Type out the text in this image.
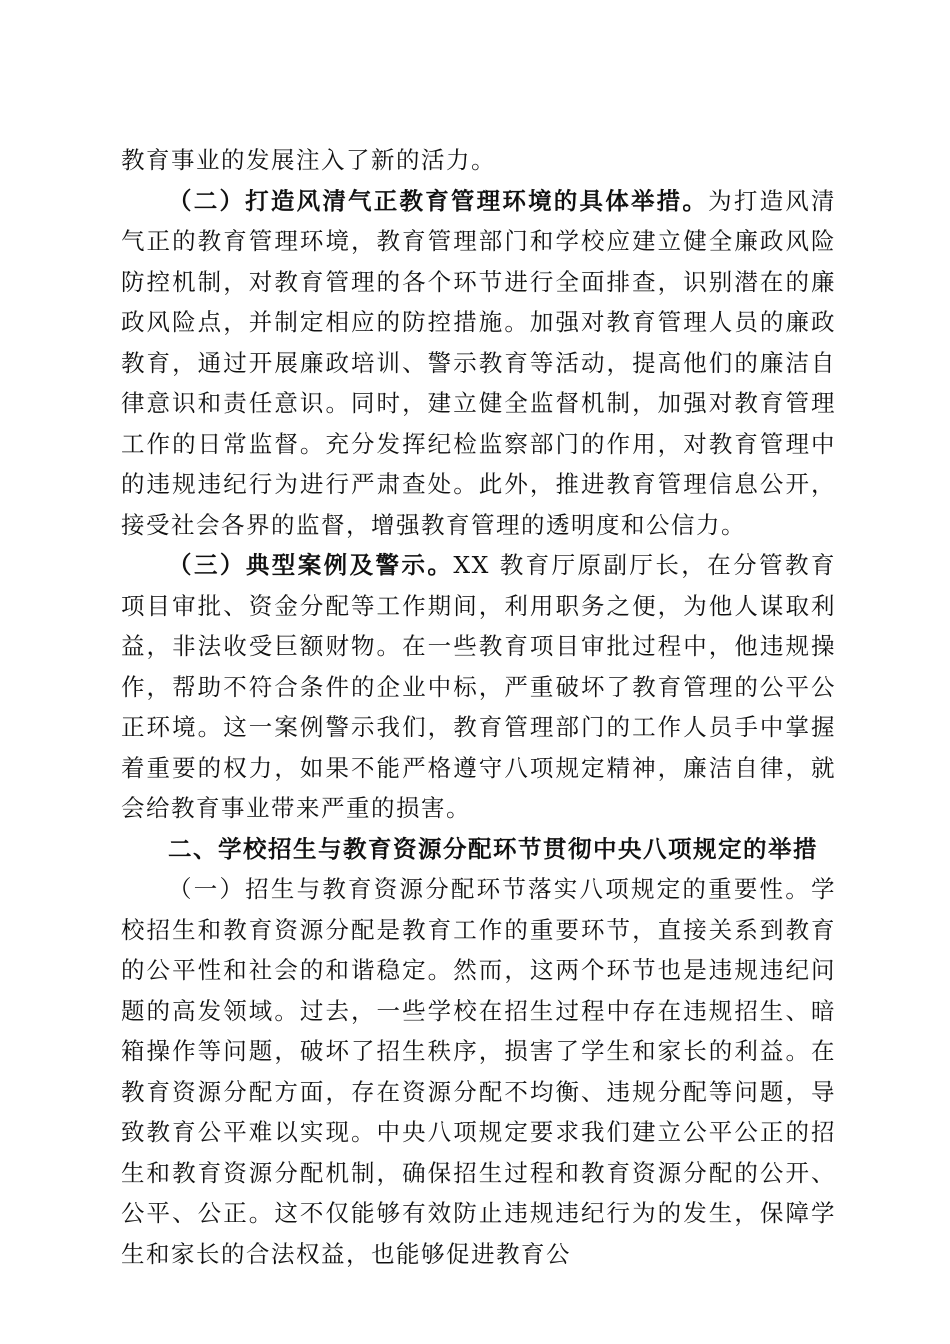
教育事业的发展注入了新的活力。

（二）打造风清气正教育管理环境的具体举措。为打造风清气正的教育管理环境，教育管理部门和学校应建立健全廉政风险防控机制，对教育管理的各个环节进行全面排查，识别潜在的廉政风险点，并制定相应的防控措施。加强对教育管理人员的廉政教育，通过开展廉政培训、警示教育等活动，提高他们的廉洁自律意识和责任意识。同时，建立健全监督机制，加强对教育管理工作的日常监督。充分发挥纪检监察部门的作用，对教育管理中的违规违纪行为进行严肃查处。此外，推进教育管理信息公开，接受社会各界的监督，增强教育管理的透明度和公信力。

（三）典型案例及警示。XX 教育厅原副厅长，在分管教育项目审批、资金分配等工作期间，利用职务之便，为他人谋取利益，非法收受巨额财物。在一些教育项目审批过程中，他违规操作，帮助不符合条件的企业中标，严重破坏了教育管理的公平公正环境。这一案例警示我们，教育管理部门的工作人员手中掌握着重要的权力，如果不能严格遵守八项规定精神，廉洁自律，就会给教育事业带来严重的损害。

二、学校招生与教育资源分配环节贯彻中央八项规定的举措

（一）招生与教育资源分配环节落实八项规定的重要性。学校招生和教育资源分配是教育工作的重要环节，直接关系到教育的公平性和社会的和谐稳定。然而，这两个环节也是违规违纪问题的高发领域。过去，一些学校在招生过程中存在违规招生、暗箱操作等问题，破坏了招生秩序，损害了学生和家长的利益。在教育资源分配方面，存在资源分配不均衡、违规分配等问题，导致教育公平难以实现。中央八项规定要求我们建立公平公正的招生和教育资源分配机制，确保招生过程和教育资源分配的公开、公平、公正。这不仅能够有效防止违规违纪行为的发生，保障学生和家长的合法权益，也能够促进教育公
